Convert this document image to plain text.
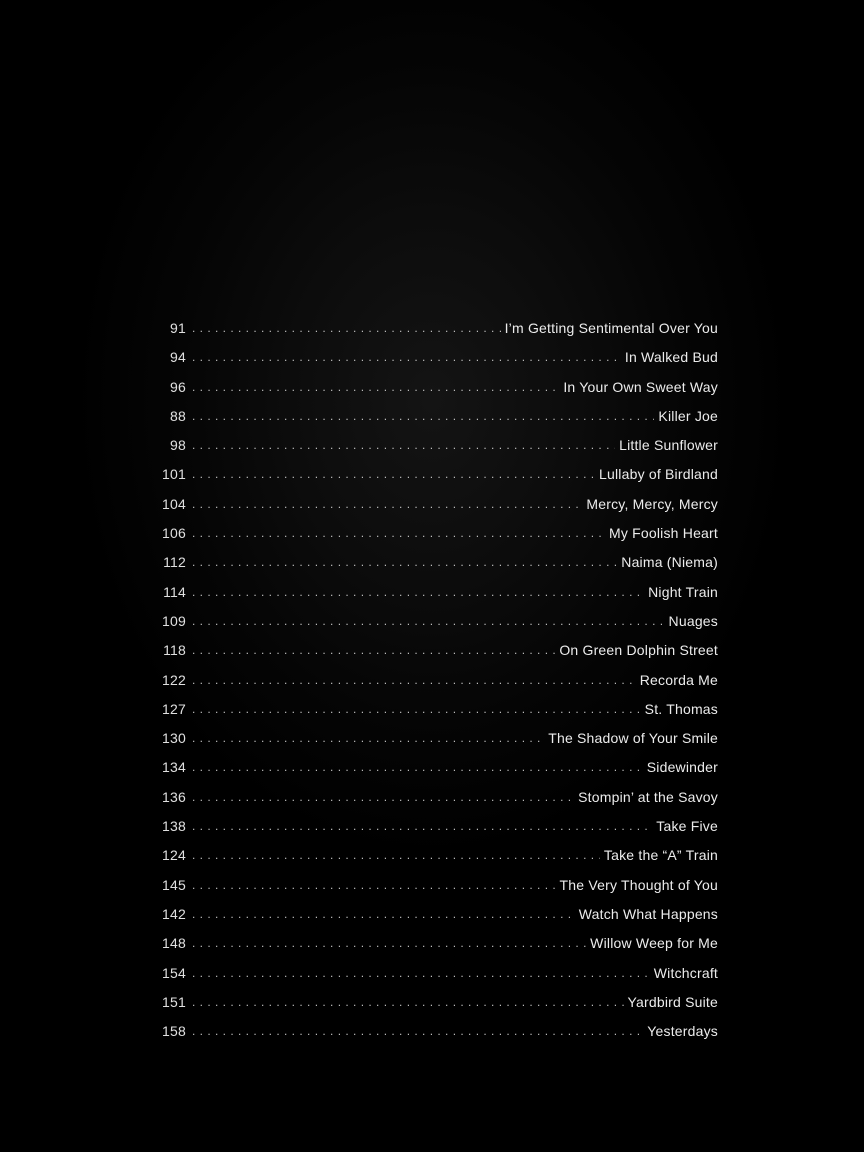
91 . . .	I’m Getting Sentimental Over You
94 . . .	In Walked Bud
96 . . .	In Your Own Sweet Way
88 . . .	Killer Joe
98 . . .	Little Sunflower
101 . . .	Lullaby of Birdland
104 . . .	Mercy, Mercy, Mercy
106 . . .	My Foolish Heart
112 . . .	Naima (Niema)
114 . . .	Night Train
109 . . .	Nuages
118 . . .	On Green Dolphin Street
122 . . .	Recorda Me
127 . . .	St. Thomas
130 . . .	The Shadow of Your Smile
134 . . .	Sidewinder
136 . . .	Stompin’ at the Savoy
138 . . .	Take Five
124 . . .	Take the “A” Train
145 . . .	The Very Thought of You
142 . . .	Watch What Happens
148 . . .	Willow Weep for Me
154 . . .	Witchcraft
151 . . .	Yardbird Suite
158 . . .	Yesterdays
